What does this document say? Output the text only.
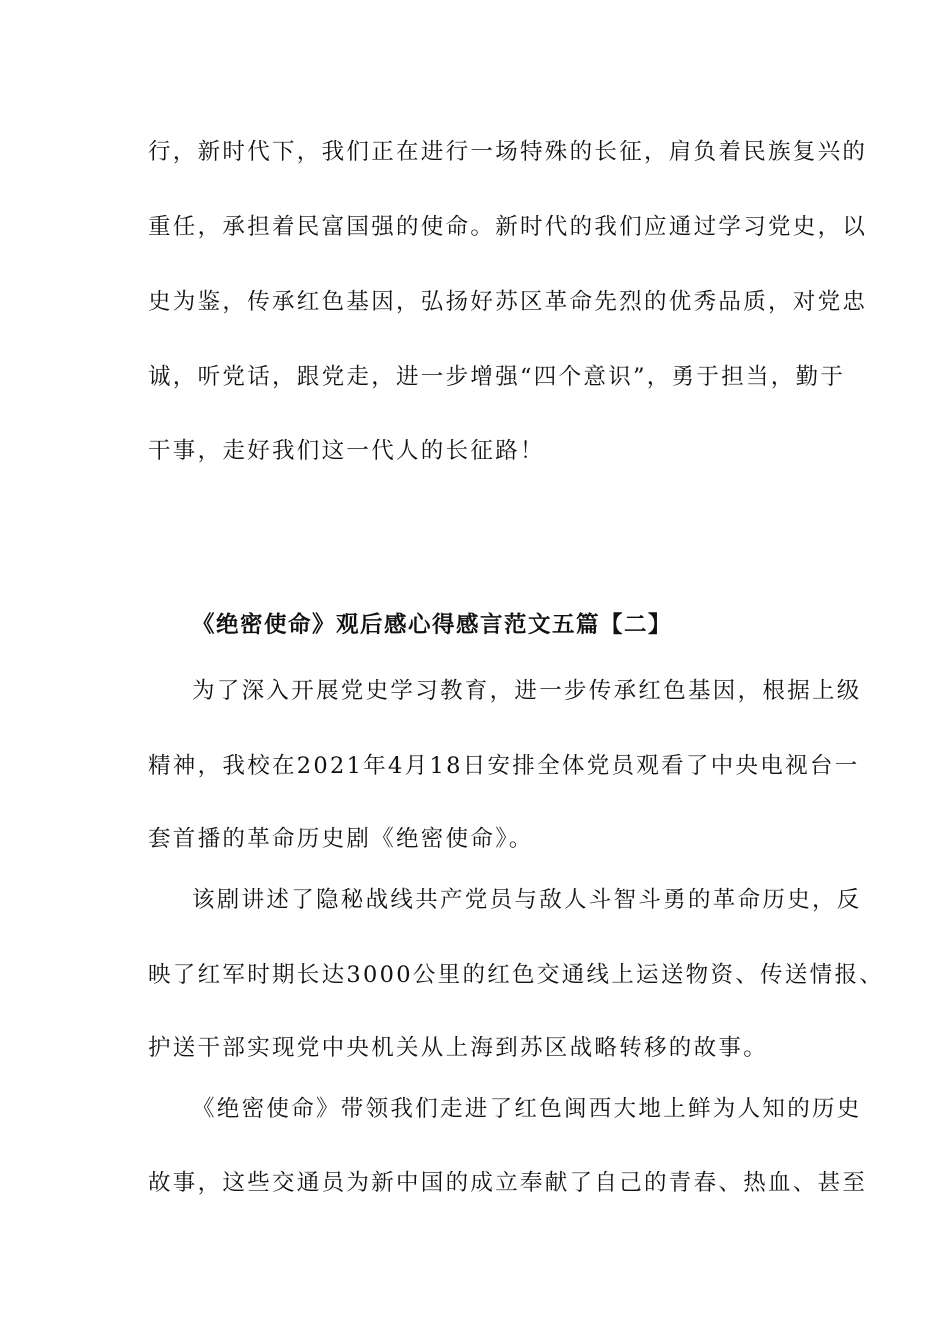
行，新时代下，我们正在进行一场特殊的长征，肩负着民族复兴的
重任，承担着民富国强的使命。新时代的我们应通过学习党史，以
史为鉴，传承红色基因，弘扬好苏区革命先烈的优秀品质，对党忠
诚，听党话，跟党走，进一步增强“四个意识”，勇于担当，勤于
干事，走好我们这一代人的长征路！
《绝密使命》观后感心得感言范文五篇【二】
为了深入开展党史学习教育，进一步传承红色基因，根据上级
精神，我校在2021年4月18日安排全体党员观看了中央电视台一
套首播的革命历史剧《绝密使命》。
该剧讲述了隐秘战线共产党员与敌人斗智斗勇的革命历史，反
映了红军时期长达3000公里的红色交通线上运送物资、传送情报、
护送干部实现党中央机关从上海到苏区战略转移的故事。
《绝密使命》带领我们走进了红色闽西大地上鲜为人知的历史
故事，这些交通员为新中国的成立奉献了自己的青春、热血、甚至
